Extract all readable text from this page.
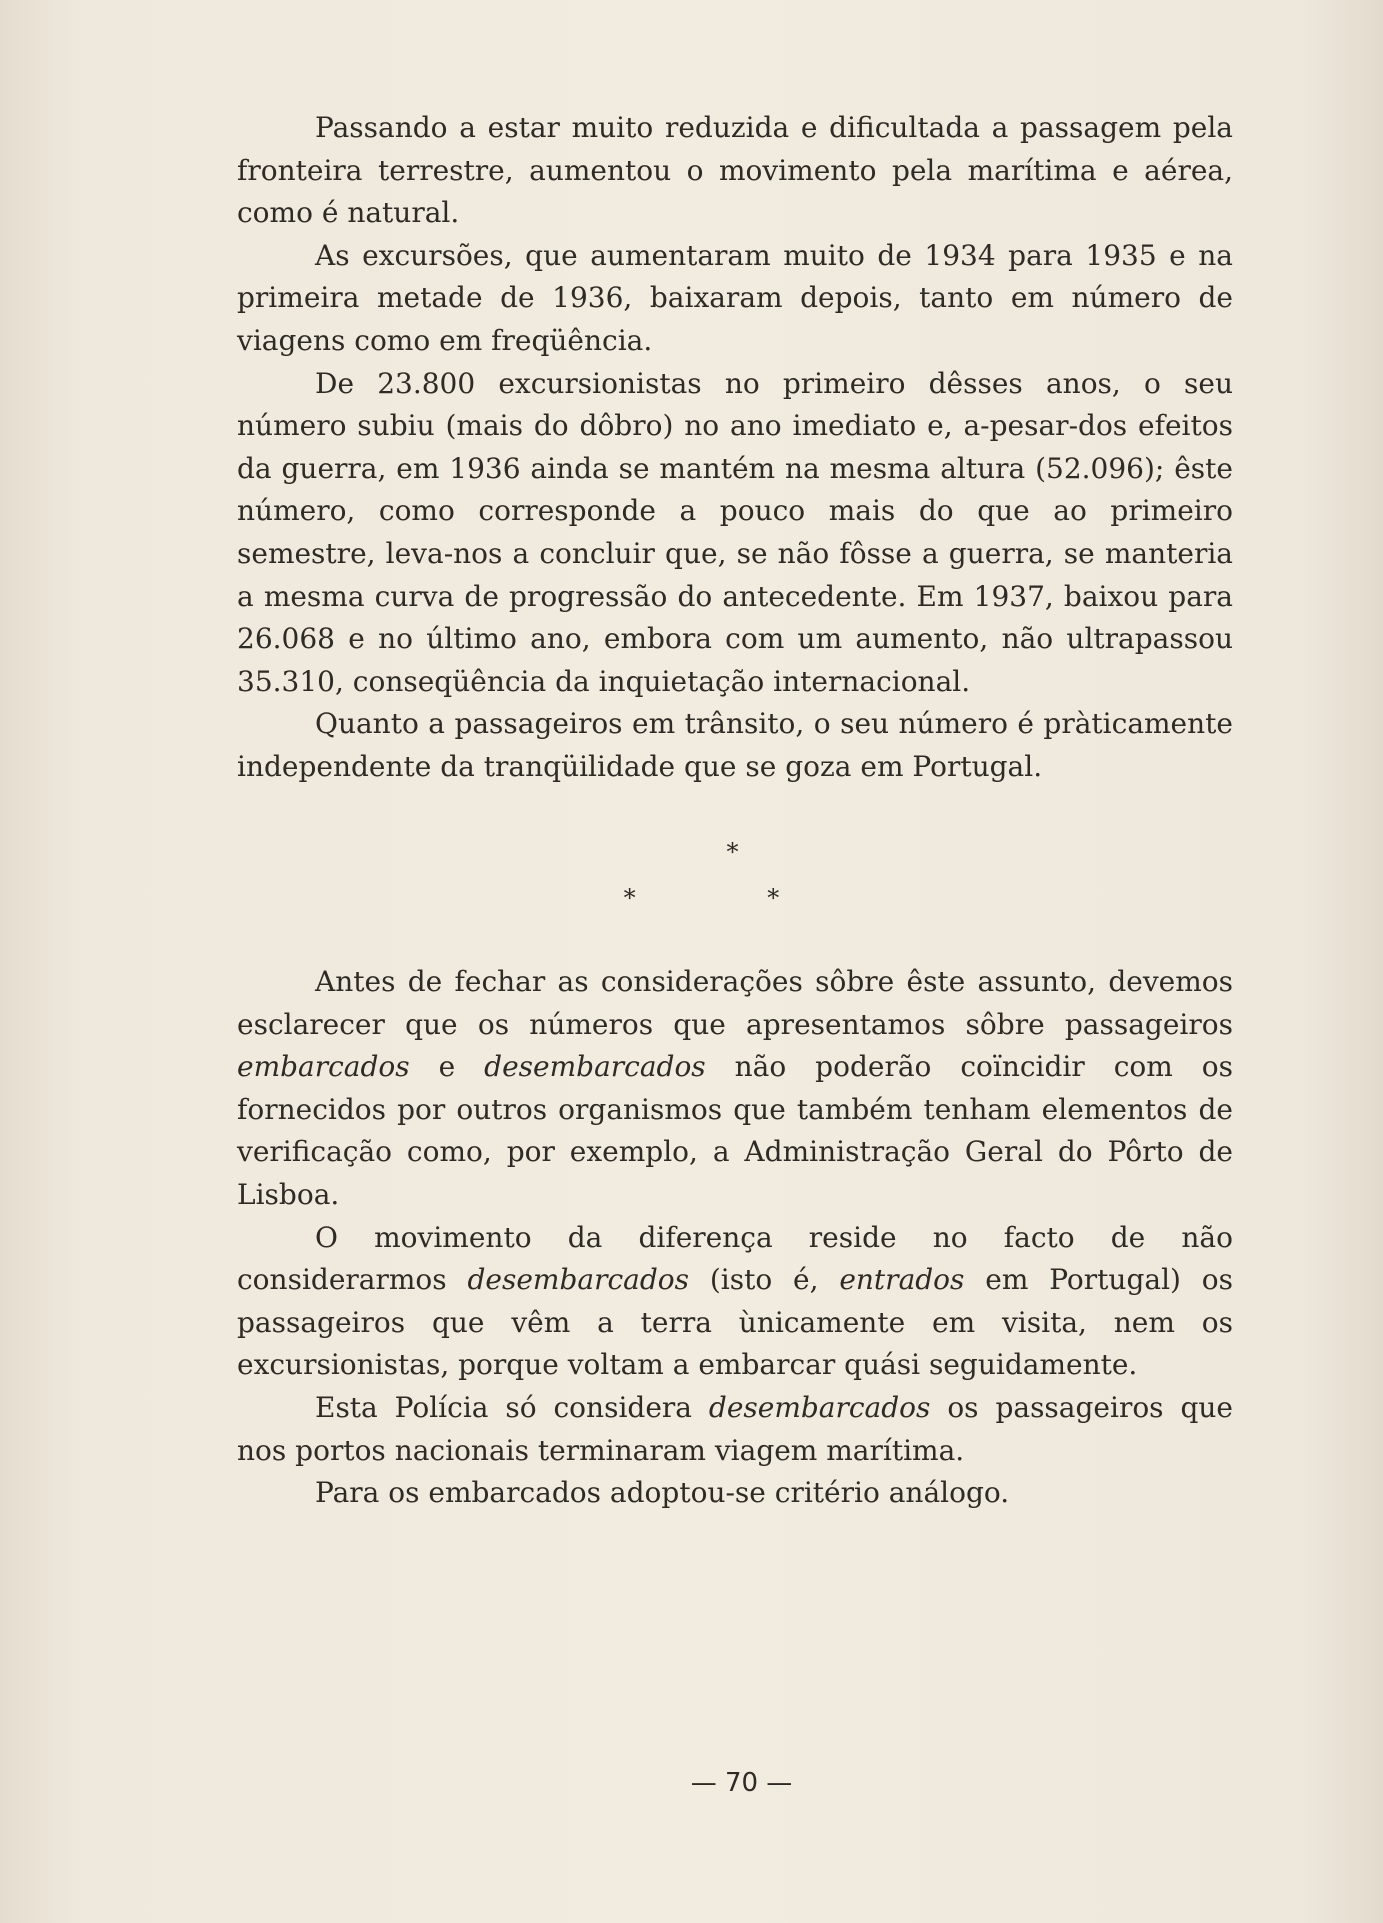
Passando a estar muito reduzida e dificultada a passagem pela fronteira terrestre, aumentou o movimento pela marítima e aérea, como é natural.

As excursões, que aumentaram muito de 1934 para 1935 e na primeira metade de 1936, baixaram depois, tanto em número de viagens como em freqüência.

De 23.800 excursionistas no primeiro dêsses anos, o seu número subiu (mais do dôbro) no ano imediato e, a-pesar-dos efeitos da guerra, em 1936 ainda se mantém na mesma altura (52.096); êste número, como corresponde a pouco mais do que ao primeiro semestre, leva-nos a concluir que, se não fôsse a guerra, se manteria a mesma curva de progressão do antecedente. Em 1937, baixou para 26.068 e no último ano, embora com um aumento, não ultrapassou 35.310, conseqüência da inquietação internacional.

Quanto a passageiros em trânsito, o seu número é pràticamente independente da tranqüilidade que se goza em Portugal.

*
* *

Antes de fechar as considerações sôbre êste assunto, devemos esclarecer que os números que apresentamos sôbre passageiros embarcados e desembarcados não poderão coïncidir com os fornecidos por outros organismos que também tenham elementos de verificação como, por exemplo, a Administração Geral do Pôrto de Lisboa.

O movimento da diferença reside no facto de não considerarmos desembarcados (isto é, entrados em Portugal) os passageiros que vêm a terra ùnicamente em visita, nem os excursionistas, porque voltam a embarcar quási seguidamente.

Esta Polícia só considera desembarcados os passageiros que nos portos nacionais terminaram viagem marítima.

Para os embarcados adoptou-se critério análogo.

— 70 —
